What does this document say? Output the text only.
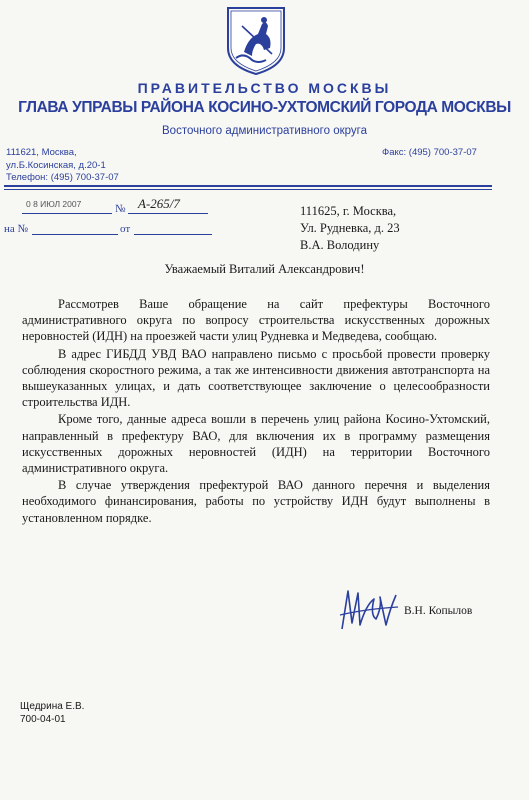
ПРАВИТЕЛЬСТВО МОСКВЫ
ГЛАВА УПРАВЫ РАЙОНА КОСИНО-УХТОМСКИЙ ГОРОДА МОСКВЫ
Восточного административного округа
111621, Москва,
ул.Б.Косинская, д.20-1
Телефон: (495) 700-37-07
Факс: (495) 700-37-07
0 8 ИЮЛ 2007	№ А-265/7
на №	от
111625, г. Москва,
Ул. Рудневка, д. 23
В.А. Володину
Уважаемый Виталий Александрович!

Рассмотрев Ваше обращение на сайт префектуры Восточного административного округа по вопросу строительства искусственных дорожных неровностей (ИДН) на проезжей части улиц Рудневка и Медведева, сообщаю.

В адрес ГИБДД УВД ВАО направлено письмо с просьбой провести проверку соблюдения скоростного режима, а так же интенсивности движения автотранспорта на вышеуказанных улицах, и дать соответствующее заключение о целесообразности строительства ИДН.

Кроме того, данные адреса вошли в перечень улиц района Косино-Ухтомский, направленный в префектуру ВАО, для включения их в программу размещения искусственных дорожных неровностей (ИДН) на территории Восточного административного округа.

В случае утверждения префектурой ВАО данного перечня и выделения необходимого финансирования, работы по устройству ИДН будут выполнены в установленном порядке.

В.Н. Копылов
Щедрина Е.В.
700-04-01
